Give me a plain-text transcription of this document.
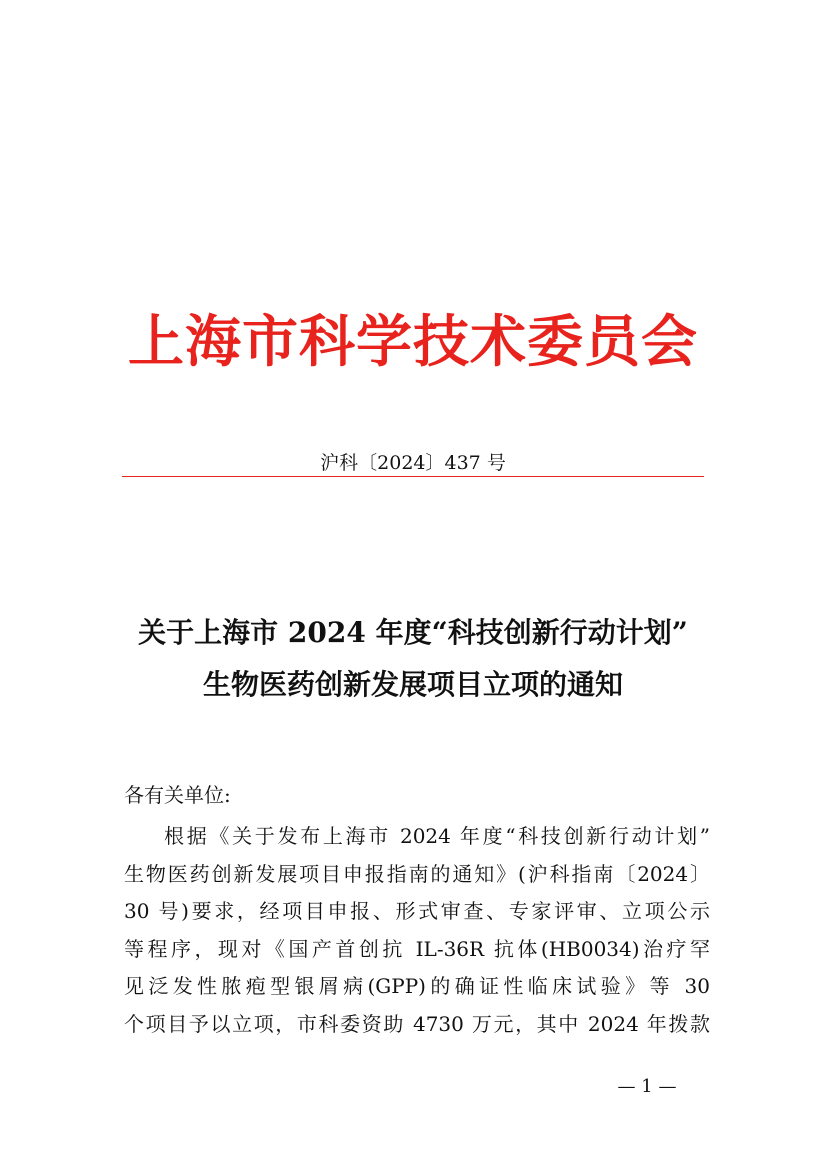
上海市科学技术委员会
沪科〔2024〕437 号
关于上海市 2024 年度“科技创新行动计划”
生物医药创新发展项目立项的通知
各有关单位:
根据《关于发布上海市 2024 年度“科技创新行动计划”
生物医药创新发展项目申报指南的通知》(沪科指南〔2024〕
30 号)要求，经项目申报、形式审查、专家评审、立项公示
等程序，现对《国产首创抗 IL-36R 抗体(HB0034)治疗罕
见泛发性脓疱型银屑病(GPP)的确证性临床试验》等 30
个项目予以立项，市科委资助 4730 万元，其中 2024 年拨款
— 1 —
